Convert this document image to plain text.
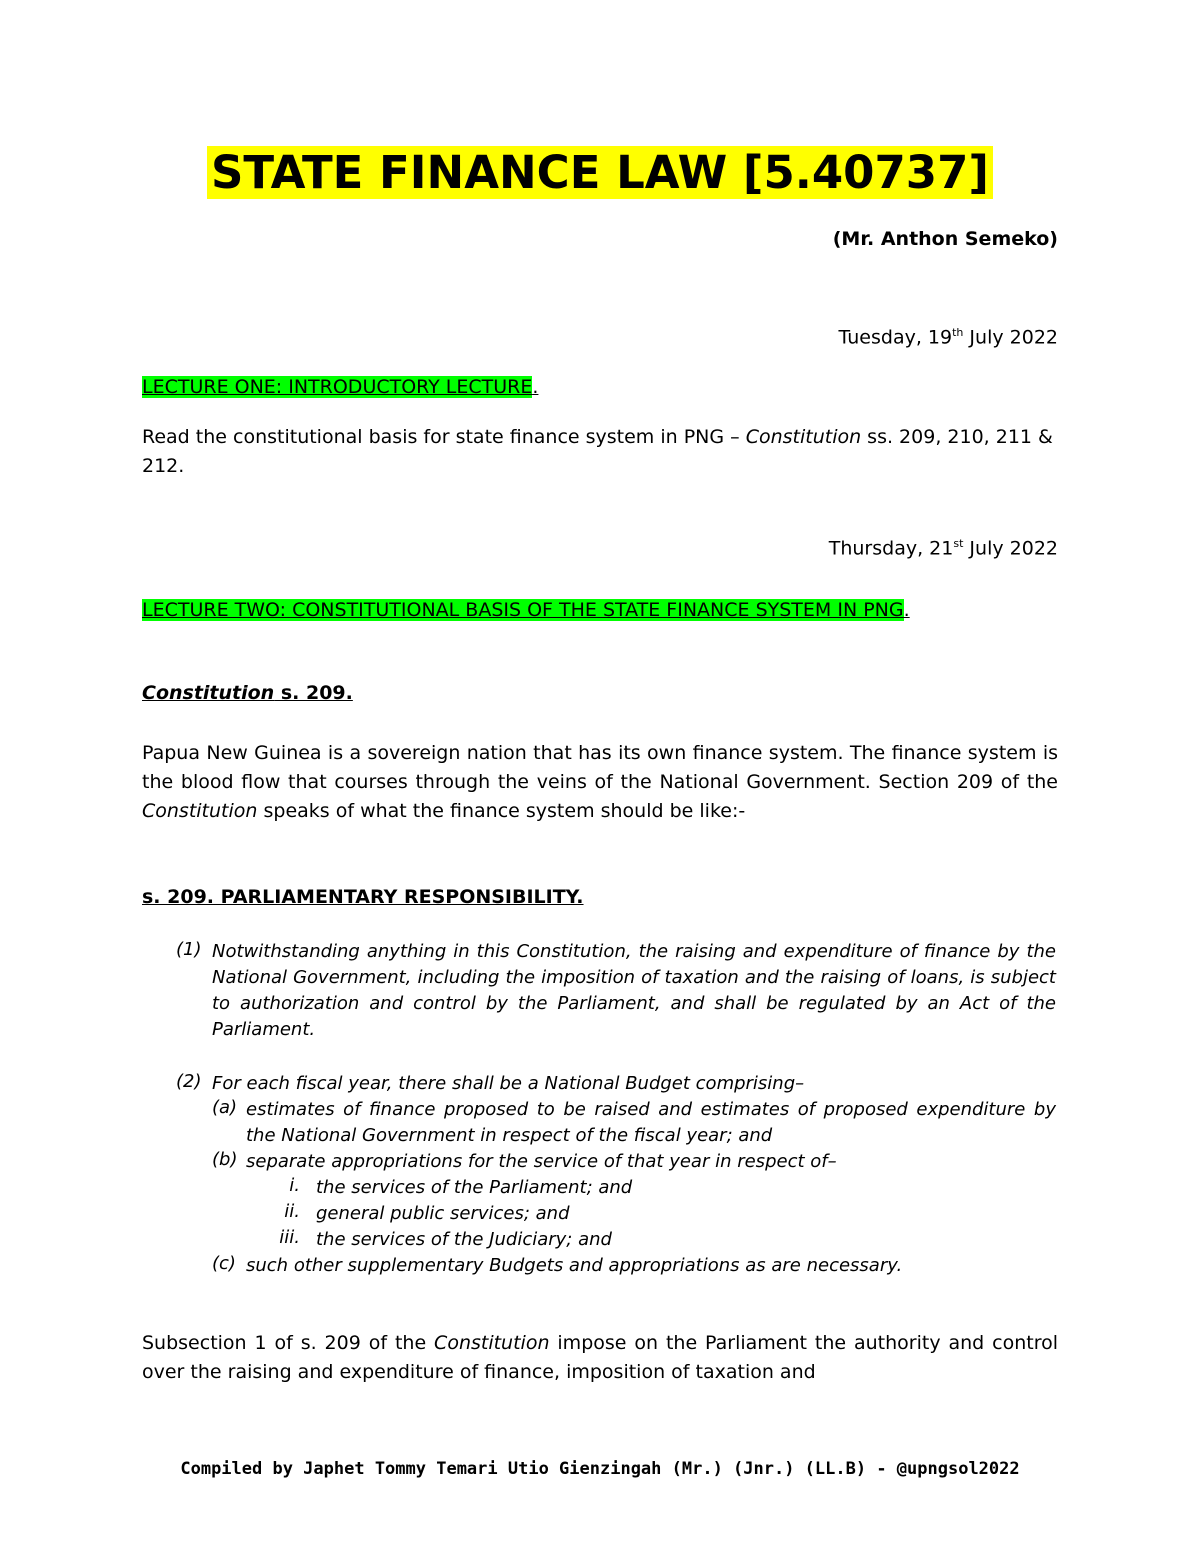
STATE FINANCE LAW [5.40737]
(Mr. Anthon Semeko)
Tuesday, 19th July 2022
LECTURE ONE: INTRODUCTORY LECTURE.

Read the constitutional basis for state finance system in PNG – Constitution ss. 209, 210, 211 & 212.

Thursday, 21st July 2022
LECTURE TWO: CONSTITUTIONAL BASIS OF THE STATE FINANCE SYSTEM IN PNG.
Constitution s. 209.

Papua New Guinea is a sovereign nation that has its own finance system. The finance system is the blood flow that courses through the veins of the National Government. Section 209 of the Constitution speaks of what the finance system should be like:-

s. 209. PARLIAMENTARY RESPONSIBILITY.
(1) Notwithstanding anything in this Constitution, the raising and expenditure of finance by the National Government, including the imposition of taxation and the raising of loans, is subject to authorization and control by the Parliament, and shall be regulated by an Act of the Parliament.

(2) For each fiscal year, there shall be a National Budget comprising–

(a) estimates of finance proposed to be raised and estimates of proposed expenditure by the National Government in respect of the fiscal year; and

(b) separate appropriations for the service of that year in respect of–

i. the services of the Parliament; and

ii. general public services; and

iii. the services of the Judiciary; and

(c) such other supplementary Budgets and appropriations as are necessary.

Subsection 1 of s. 209 of the Constitution impose on the Parliament the authority and control over the raising and expenditure of finance, imposition of taxation and

Compiled by Japhet Tommy Temari Utio Gienzingah (Mr.) (Jnr.) (LL.B) - @upngsol2022
